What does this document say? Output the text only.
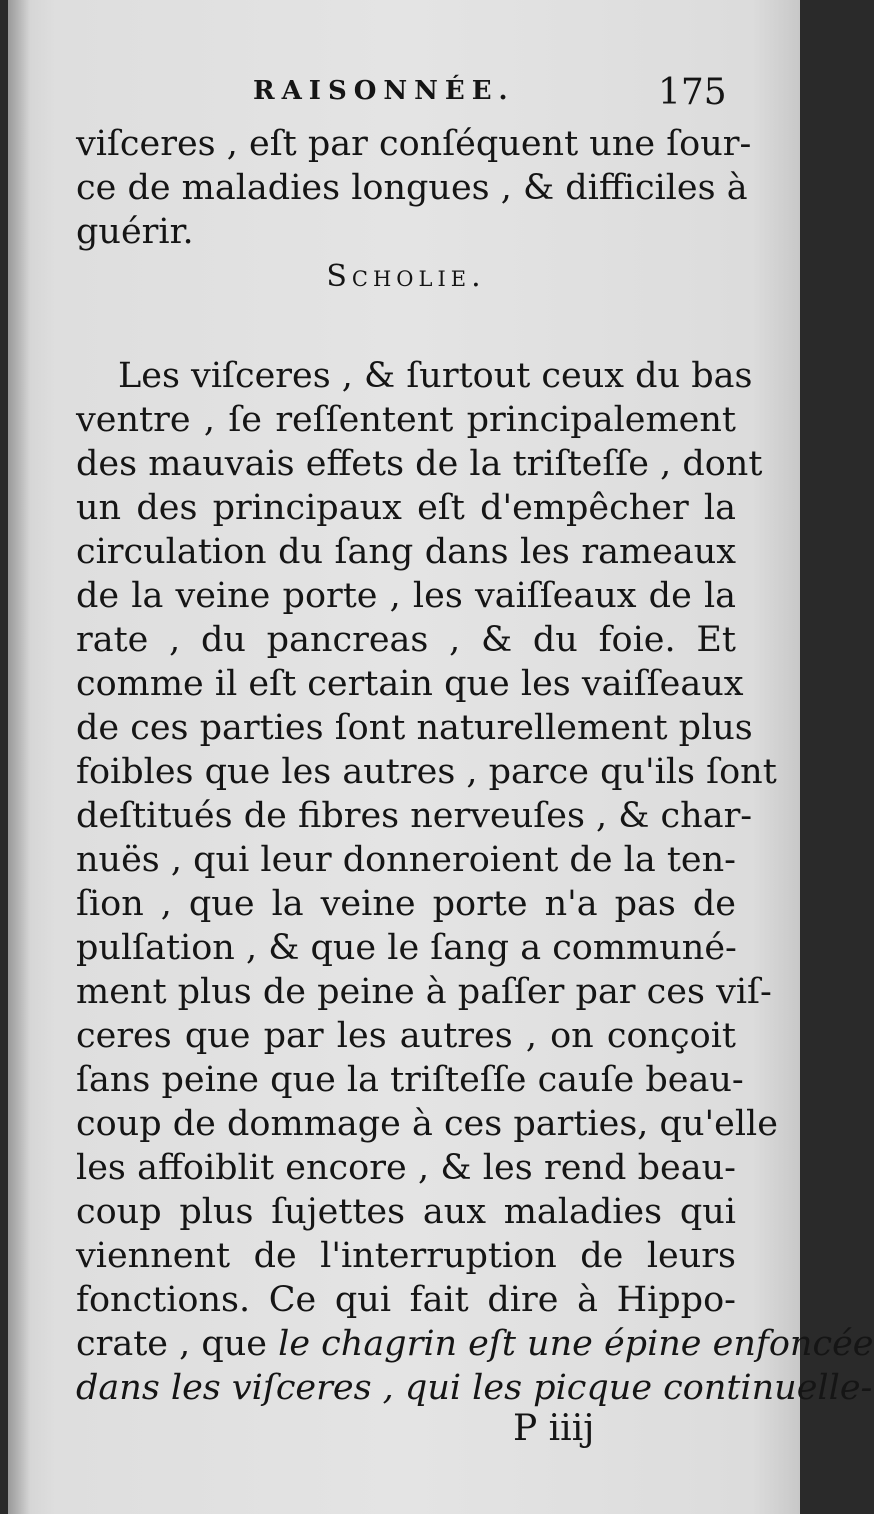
RAISONNÉE.	175
viſceres , eſt par conſéquent une ſour-
ce de maladies longues , & difficiles à
guérir.
Scholie.
Les viſceres , & ſurtout ceux du bas
ventre , ſe reſſentent principalement
des mauvais effets de la triſteſſe , dont
un des principaux eſt d'empêcher la
circulation du ſang dans les rameaux
de la veine porte , les vaiſſeaux de la
rate , du pancreas , & du foie. Et
comme il eſt certain que les vaiſſeaux
de ces parties ſont naturellement plus
foibles que les autres , parce qu'ils ſont
deſtitués de fibres nerveuſes , & char-
nuës , qui leur donneroient de la ten-
ſion , que la veine porte n'a pas de
pulſation , & que le ſang a communé-
ment plus de peine à paſſer par ces viſ-
ceres que par les autres , on conçoit
ſans peine que la triſteſſe cauſe beau-
coup de dommage à ces parties, qu'elle
les affoiblit encore , & les rend beau-
coup plus ſujettes aux maladies qui
viennent de l'interruption de leurs
fonctions. Ce qui fait dire à Hippo-
crate , que le chagrin eſt une épine enfoncée
dans les viſceres , qui les picque continuelle-
P iiij
